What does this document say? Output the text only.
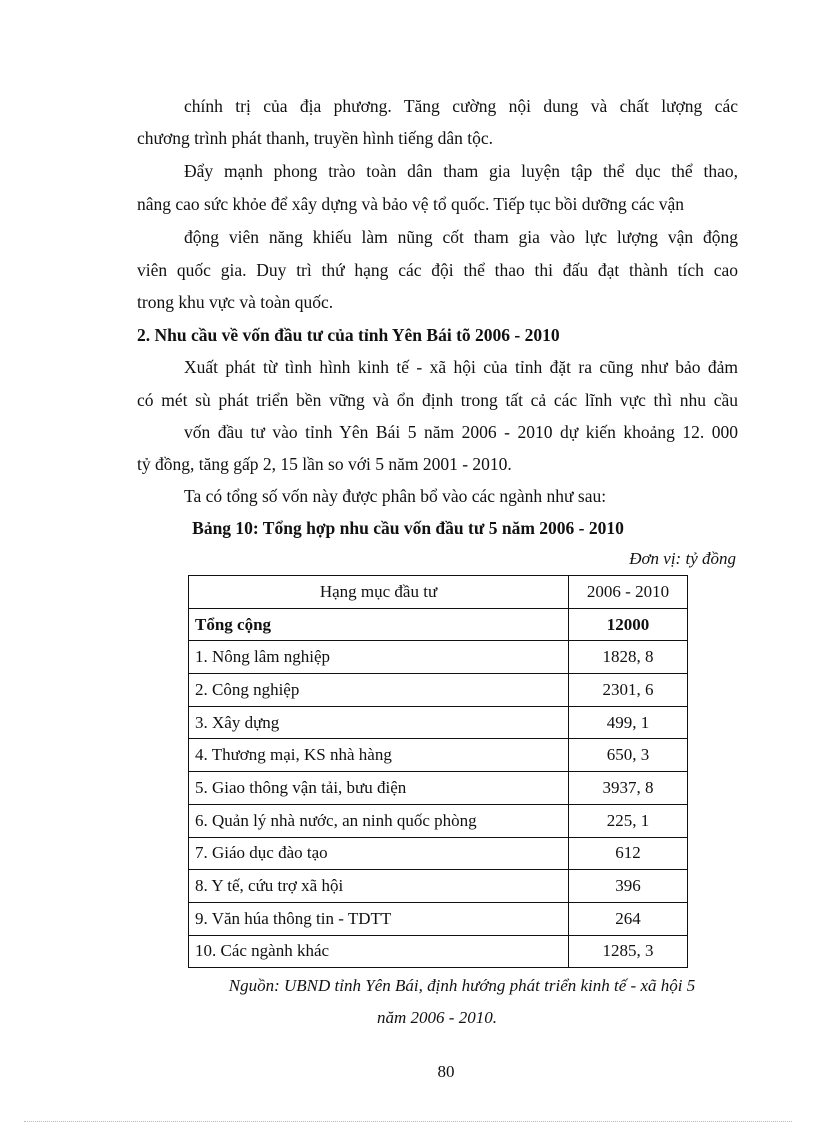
chính trị của địa phương. Tăng cường nội dung và chất lượng các
chương trình phát thanh, truyền hình tiếng dân tộc.
Đẩy mạnh phong trào toàn dân tham gia luyện tập thể dục thể thao,
nâng cao sức khỏe để xây dựng và bảo vệ tổ quốc. Tiếp tục bồi dưỡng các vận
động viên năng khiếu làm nũng cốt tham gia vào lực lượng vận động
viên quốc gia. Duy trì thứ hạng các đội thể thao thi đấu đạt thành tích cao
trong khu vực và toàn quốc.
2. Nhu cầu về vốn đầu tư của tỉnh Yên Bái tõ 2006 - 2010
Xuất phát từ tình hình kinh tế - xã hội của tỉnh đặt ra cũng như bảo đảm
có mét sù phát triển bền vững và ổn định trong tất cả các lĩnh vực thì nhu cầu
vốn đầu tư vào tỉnh Yên Bái 5 năm 2006 - 2010 dự kiến khoảng 12. 000
tỷ đồng, tăng gấp 2, 15 lần so với 5 năm 2001 - 2010.
Ta có tổng số vốn này được phân bổ vào các ngành như sau:
Bảng 10: Tổng hợp nhu cầu vốn đầu tư 5 năm 2006 - 2010
Đơn vị: tỷ đồng
Hạng mục đầu tư	2006 - 2010
Tổng cộng	12000
1. Nông lâm nghiệp	1828, 8
2. Công nghiệp	2301, 6
3. Xây dựng	499, 1
4. Thương mại, KS nhà hàng	650, 3
5. Giao thông vận tải, bưu điện	3937, 8
6. Quản lý nhà nước, an ninh quốc phòng	225, 1
7. Giáo dục đào tạo	612
8. Y tế, cứu trợ xã hội	396
9. Văn húa thông tin - TDTT	264
10. Các ngành khác	1285, 3
Nguồn: UBND tỉnh Yên Bái, định hướng phát triển kinh tế - xã hội 5
năm 2006 - 2010.
80
